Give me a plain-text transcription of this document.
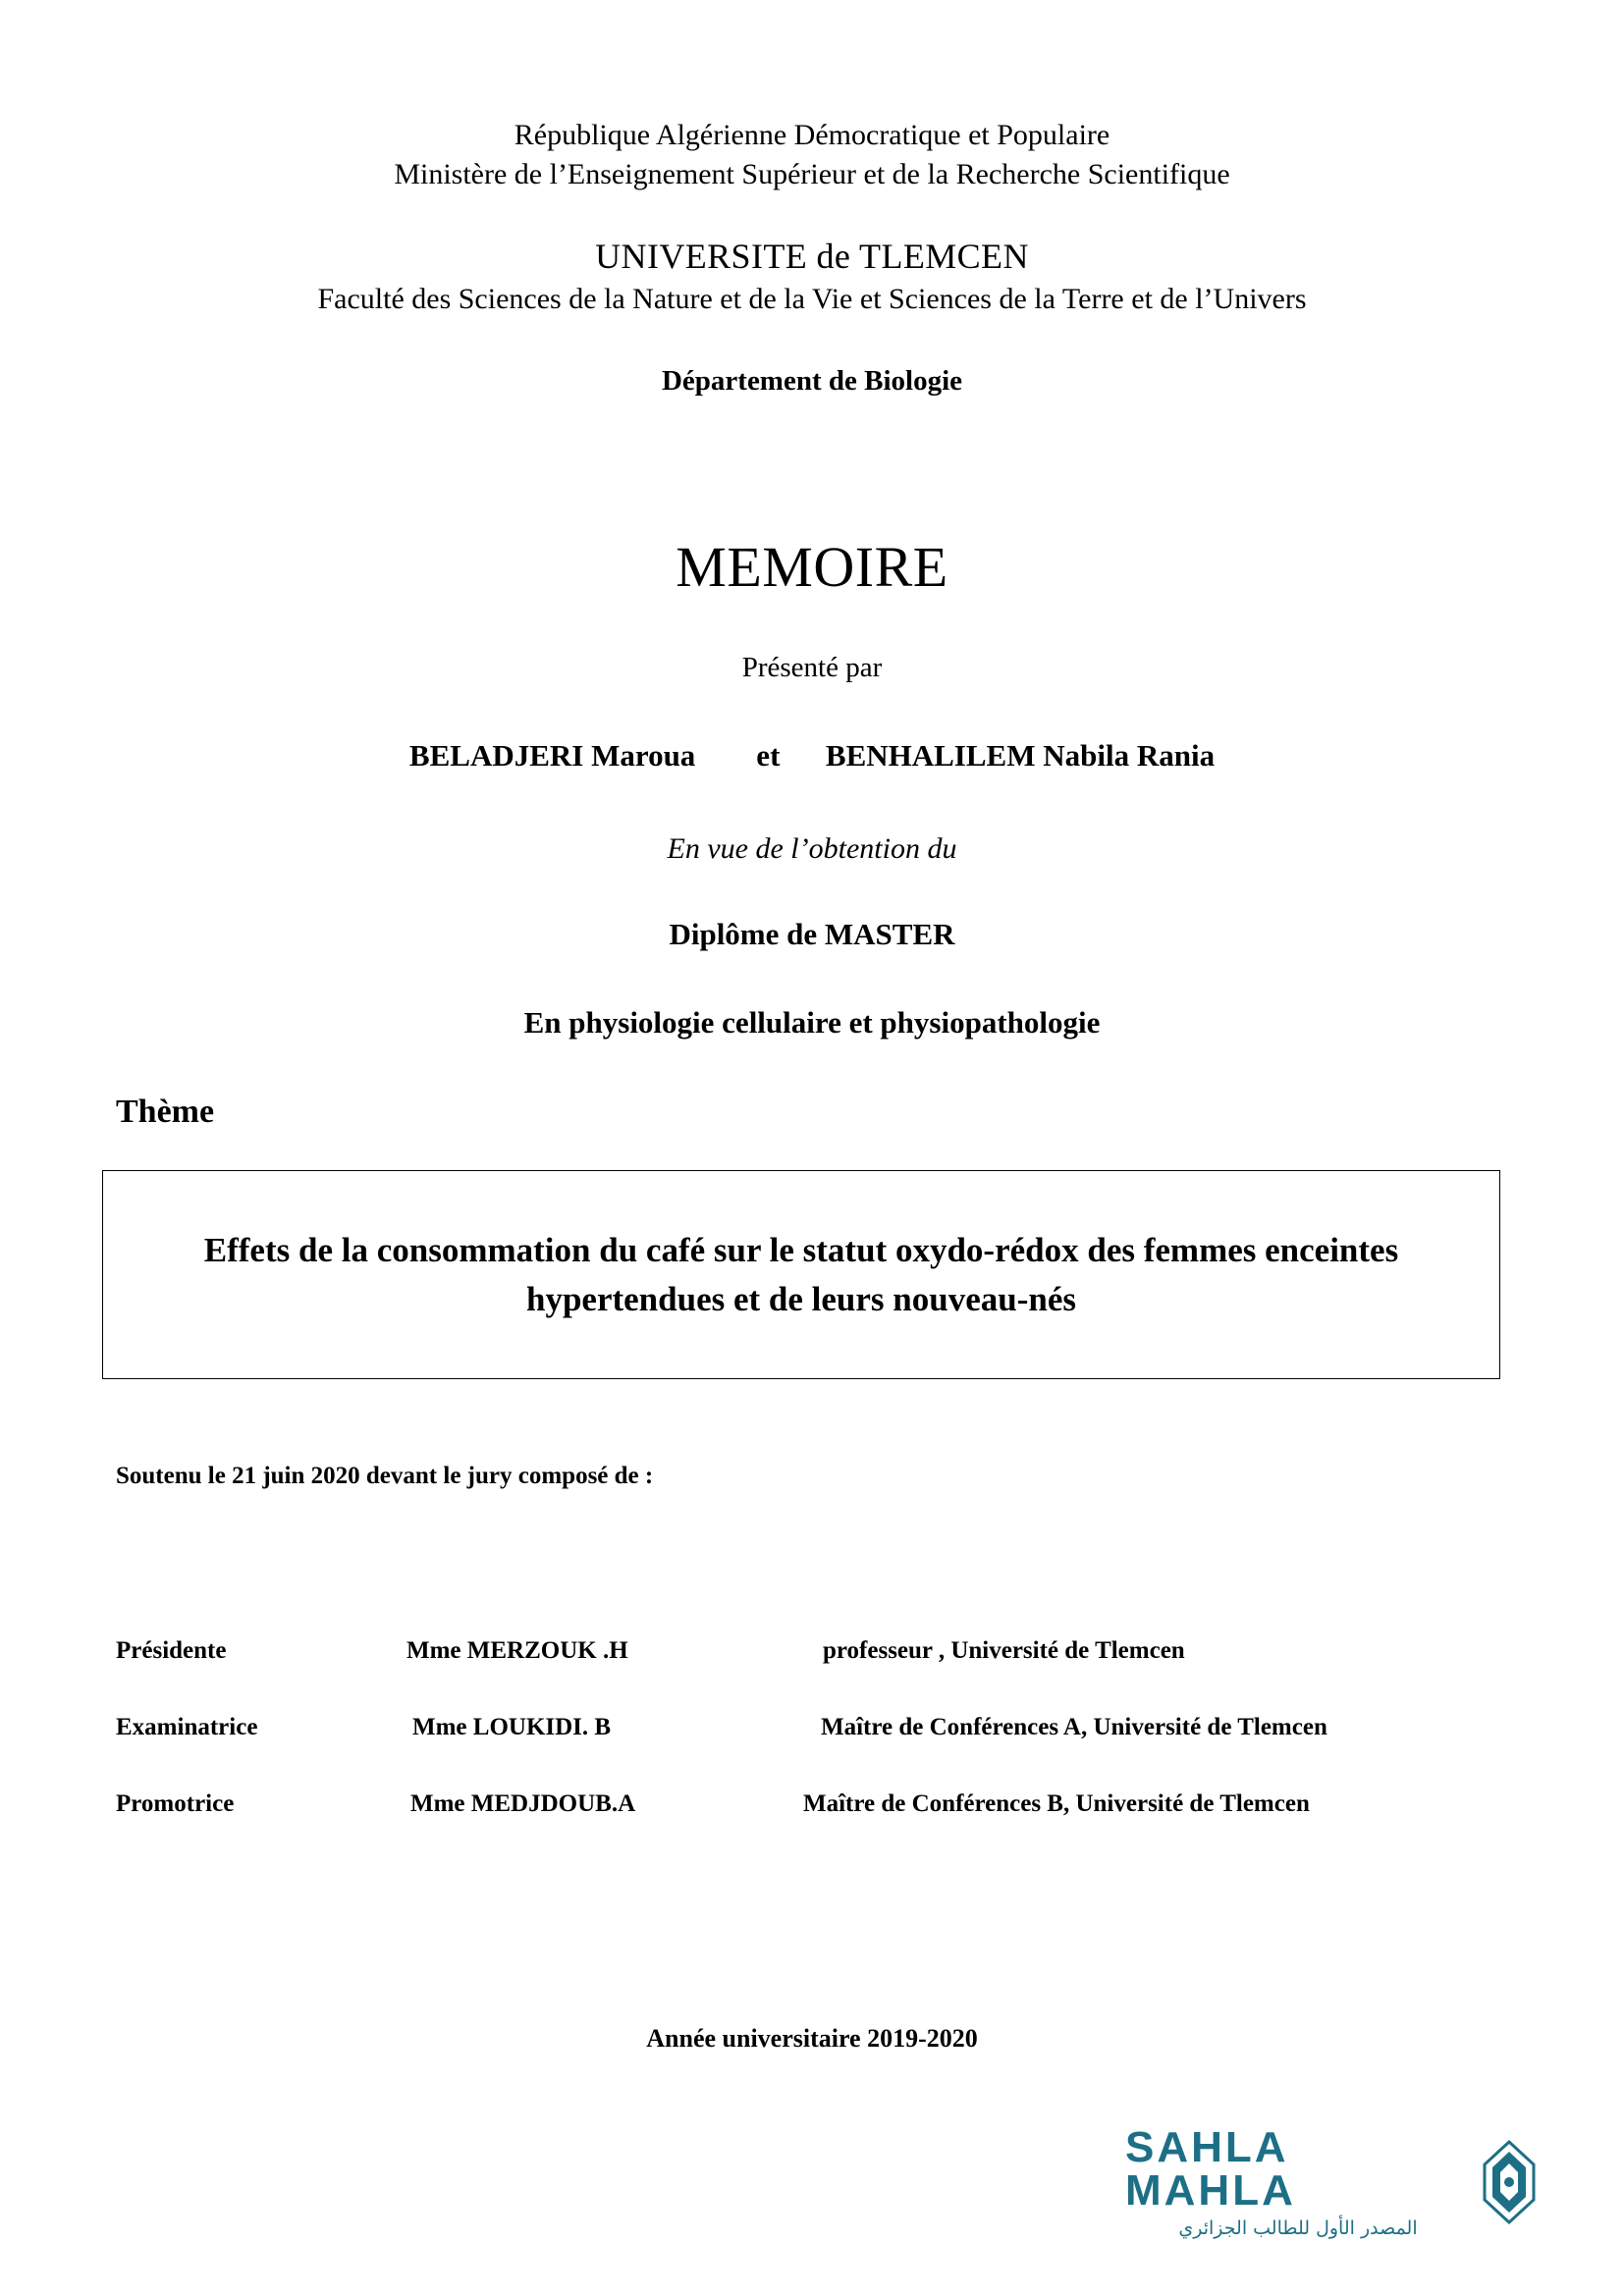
République Algérienne Démocratique et Populaire
Ministère de l’Enseignement Supérieur et de la Recherche Scientifique
UNIVERSITE de TLEMCEN
Faculté des Sciences de la Nature et de la Vie et Sciences de la Terre et de l’Univers
Département de Biologie
MEMOIRE
Présenté par
BELADJERI Maroua        et      BENHALILEM Nabila Rania
En vue de l’obtention du
Diplôme de MASTER
En physiologie cellulaire et physiopathologie
Thème
Effets de la consommation du café sur le statut oxydo-rédox des femmes enceintes hypertendues et de leurs nouveau-nés
Soutenu le 21 juin 2020 devant le jury composé de :
Présidente	Mme MERZOUK .H	professeur , Université de Tlemcen
Examinatrice	Mme LOUKIDI. B	Maître de Conférences A, Université de Tlemcen
Promotrice	Mme MEDJDOUB.A	Maître de Conférences B, Université de Tlemcen
Année universitaire 2019-2020
SAHLA MAHLA
المصدر الأول للطالب الجزائري
